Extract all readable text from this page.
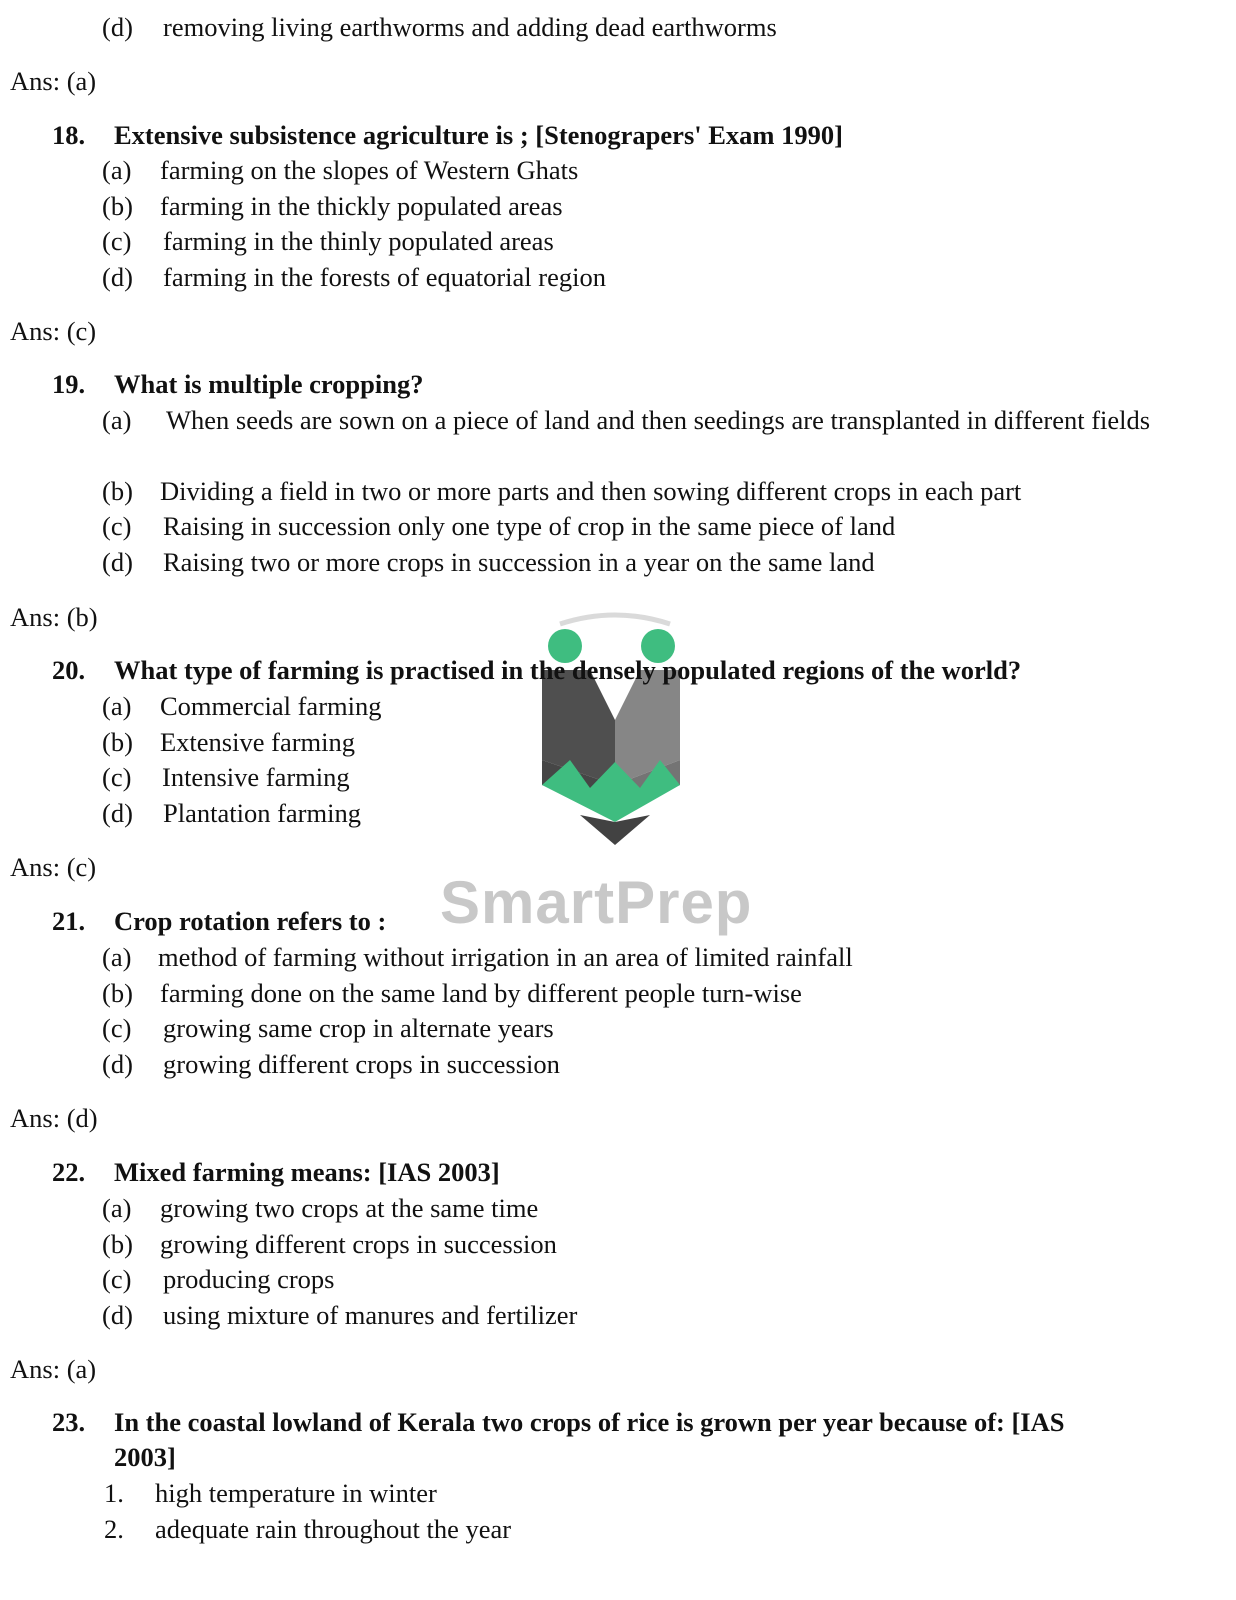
SmartPrep
(d) removing living earthworms and adding dead earthworms
Ans: (a)
18. Extensive subsistence agriculture is ; [Stenograpers' Exam 1990]
(a) farming on the slopes of Western Ghats
(b) farming in the thickly populated areas
(c) farming in the thinly populated areas
(d) farming in the forests of equatorial region
Ans: (c)
19. What is multiple cropping?
(a) When seeds are sown on a piece of land and then seedings are transplanted in different fields
(b) Dividing a field in two or more parts and then sowing different crops in each part
(c) Raising in succession only one type of crop in the same piece of land
(d) Raising two or more crops in succession in a year on the same land
Ans: (b)
20. What type of farming is practised in the densely populated regions of the world?
(a) Commercial farming
(b) Extensive farming
(c) Intensive farming
(d) Plantation farming
Ans: (c)
21. Crop rotation refers to :
(a) method of farming without irrigation in an area of limited rainfall
(b) farming done on the same land by different people turn-wise
(c) growing same crop in alternate years
(d) growing different crops in succession
Ans: (d)
22. Mixed farming means: [IAS 2003]
(a) growing two crops at the same time
(b) growing different crops in succession
(c) producing crops
(d) using mixture of manures and fertilizer
Ans: (a)
23. In the coastal lowland of Kerala two crops of rice is grown per year because of: [IAS
2003]
1. high temperature in winter
2. adequate rain throughout the year
